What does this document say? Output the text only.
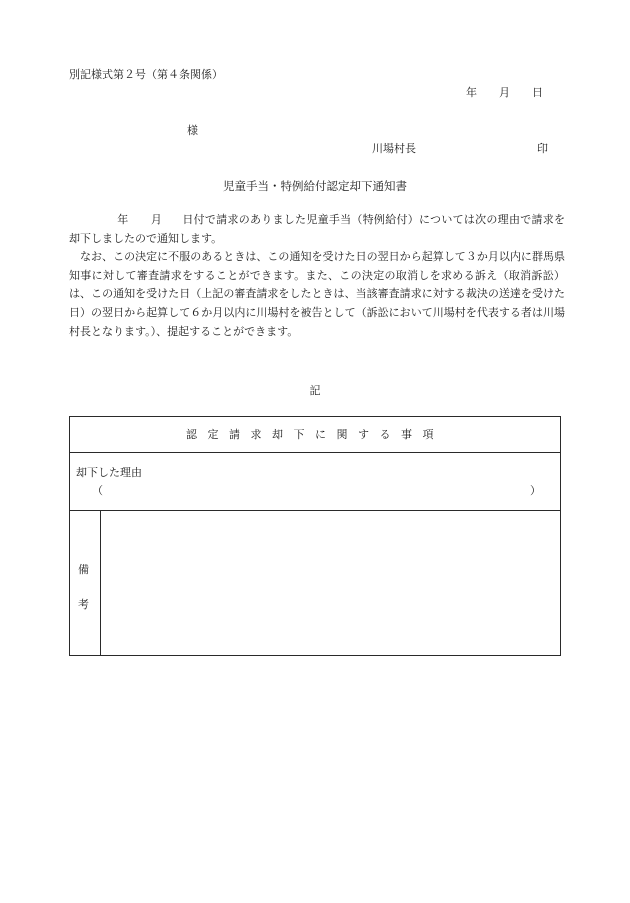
別記様式第２号（第４条関係）
年 月 日
様
川場村長	印
児童手当・特例給付認定却下通知書

年 月 日付で請求のありました児童手当（特例給付）については次の理由で請求を却下しましたので通知します。

なお、この決定に不服のあるときは、この通知を受けた日の翌日から起算して３か月以内に群馬県知事に対して審査請求をすることができます。また、この決定の取消しを求める訴え（取消訴訟）は、この通知を受けた日（上記の審査請求をしたときは、当該審査請求に対する裁決の送達を受けた日）の翌日から起算して６か月以内に川場村を被告として（訴訟において川場村を代表する者は川場村長となります。）、提起することができます。

記
認定請求却下に関する事項
却下した理由
（	）
備
考
